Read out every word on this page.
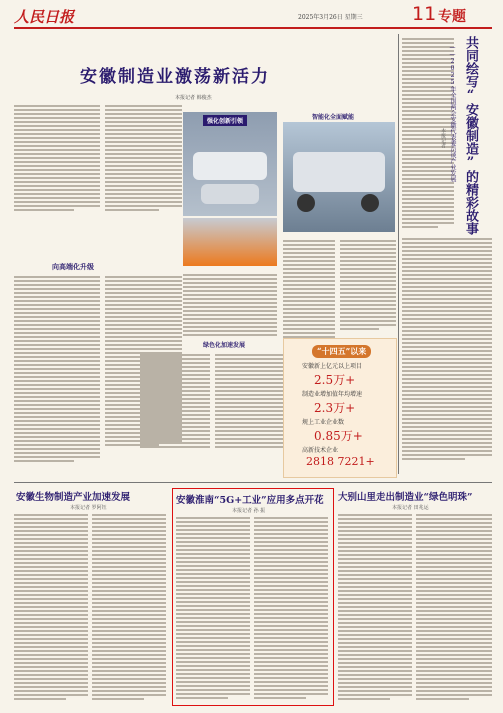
人民日报	2025年3月26日 星期三	11 专题
安徽制造业激荡新活力
本报记者 韩俊杰
向高端化升级
强化创新引领
智能化全面赋能
绿色化加速发展
“十四五”以来
安徽新上亿元以上项目
2.5万+
制造业增加值年均增速
2.3万+
规上工业企业数
0.85万+
高新技术企业
2818 7221+
共同绘写“安徽制造”的精彩故事
——2025年全国两会安徽代表委员谈产业发展
本报记者
安徽生物制造产业加速发展
本报记者 罗阿钰
安徽淮南“5G+工业”应用多点开花
本报记者 孙 振
大别山里走出制造业“绿色明珠”
本报记者 田兆运
